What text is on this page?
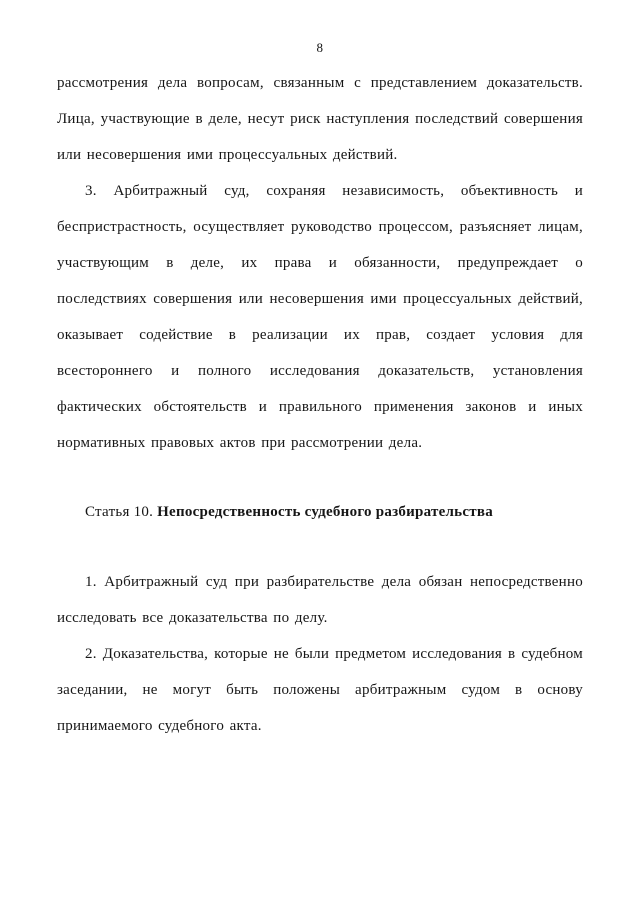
8

рассмотрения дела вопросам, связанным с представлением доказательств. Лица, участвующие в деле, несут риск наступления последствий совершения или несовершения ими процессуальных действий.

3. Арбитражный суд, сохраняя независимость, объективность и беспристрастность, осуществляет руководство процессом, разъясняет лицам, участвующим в деле, их права и обязанности, предупреждает о последствиях совершения или несовершения ими процессуальных действий, оказывает содействие в реализации их прав, создает условия для всестороннего и полного исследования доказательств, установления фактических обстоятельств и правильного применения законов и иных нормативных правовых актов при рассмотрении дела.

Статья 10. Непосредственность судебного разбирательства

1. Арбитражный суд при разбирательстве дела обязан непосредственно исследовать все доказательства по делу.

2. Доказательства, которые не были предметом исследования в судебном заседании, не могут быть положены арбитражным судом в основу принимаемого судебного акта.
